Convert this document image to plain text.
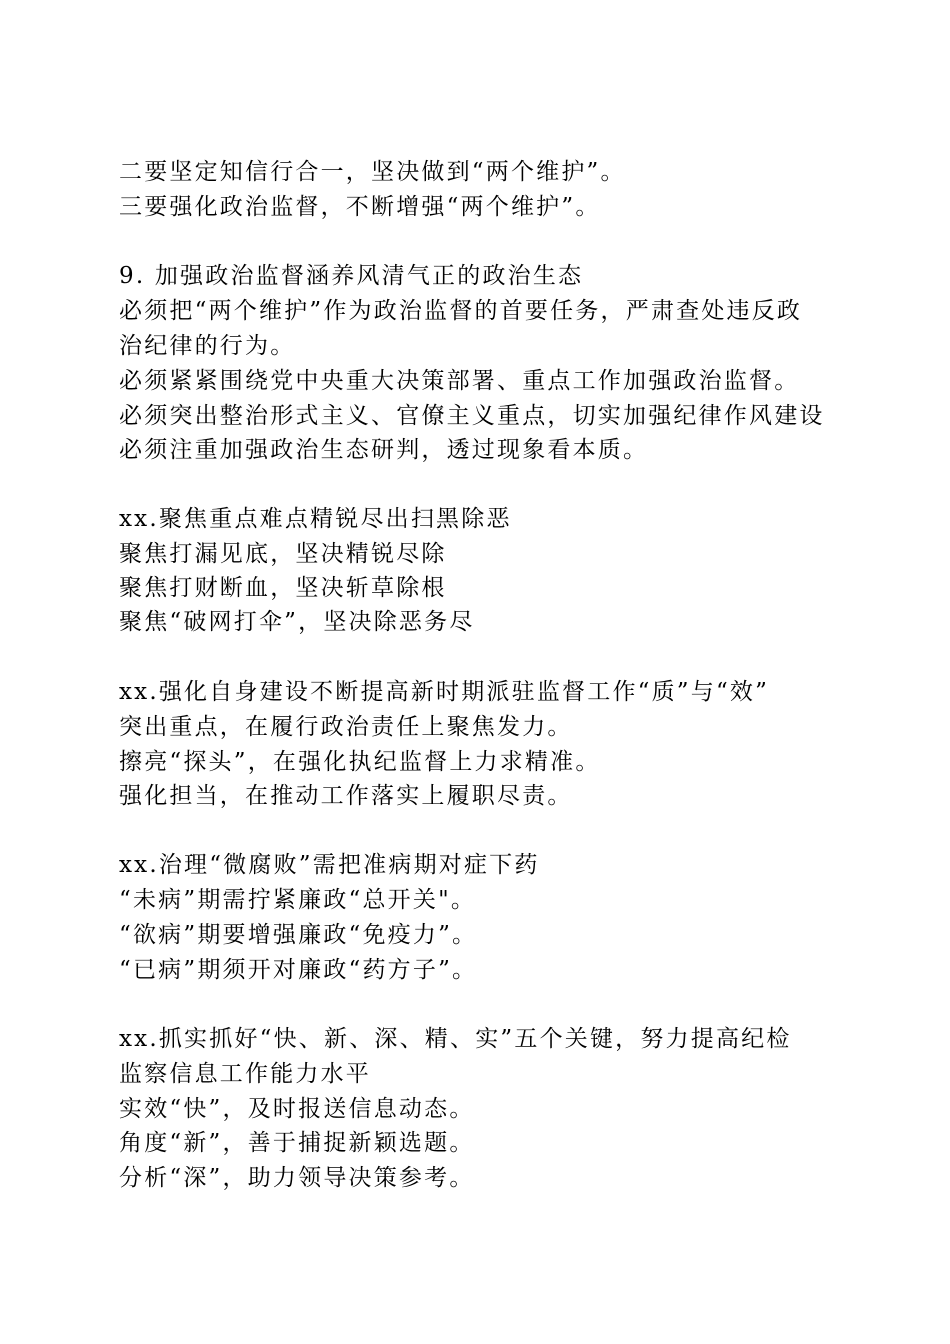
二要坚定知信行合一，坚决做到“两个维护”。
三要强化政治监督，不断增强“两个维护”。
9. 加强政治监督涵养风清气正的政治生态
必须把“两个维护”作为政治监督的首要任务，严肃查处违反政
治纪律的行为。
必须紧紧围绕党中央重大决策部署、重点工作加强政治监督。
必须突出整治形式主义、官僚主义重点，切实加强纪律作风建设
必须注重加强政治生态研判，透过现象看本质。
xx.聚焦重点难点精锐尽出扫黑除恶
聚焦打漏见底，坚决精锐尽除
聚焦打财断血，坚决斩草除根
聚焦“破网打伞”，坚决除恶务尽
xx.强化自身建设不断提高新时期派驻监督工作“质”与“效”
突出重点，在履行政治责任上聚焦发力。
擦亮“探头”，在强化执纪监督上力求精准。
强化担当，在推动工作落实上履职尽责。
xx.治理“微腐败”需把准病期对症下药
“未病”期需拧紧廉政“总开关"。
“欲病”期要增强廉政“免疫力”。
“已病”期须开对廉政“药方子”。
xx.抓实抓好“快、新、深、精、实”五个关键，努力提高纪检
监察信息工作能力水平
实效“快”，及时报送信息动态。
角度“新”，善于捕捉新颖选题。
分析“深”，助力领导决策参考。
